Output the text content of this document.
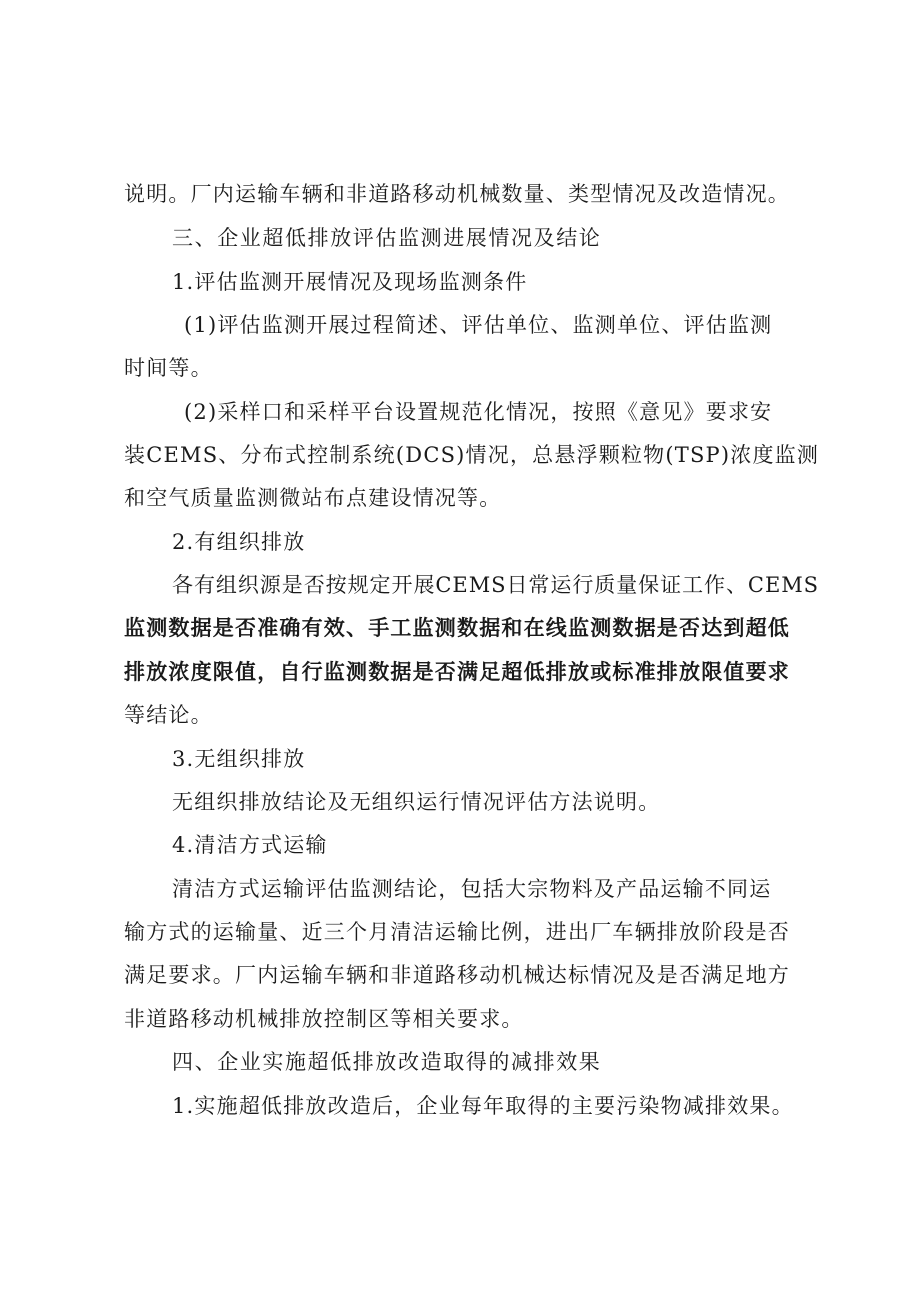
说明。厂内运输车辆和非道路移动机械数量、类型情况及改造情况。
三、企业超低排放评估监测进展情况及结论
1.评估监测开展情况及现场监测条件
(1)评估监测开展过程简述、评估单位、监测单位、评估监测
时间等。
(2)采样口和采样平台设置规范化情况，按照《意见》要求安
装CEMS、分布式控制系统(DCS)情况，总悬浮颗粒物(TSP)浓度监测
和空气质量监测微站布点建设情况等。
2.有组织排放
各有组织源是否按规定开展CEMS日常运行质量保证工作、CEMS
监测数据是否准确有效、手工监测数据和在线监测数据是否达到超低
排放浓度限值，自行监测数据是否满足超低排放或标准排放限值要求
等结论。
3.无组织排放
无组织排放结论及无组织运行情况评估方法说明。
4.清洁方式运输
清洁方式运输评估监测结论，包括大宗物料及产品运输不同运
输方式的运输量、近三个月清洁运输比例，进出厂车辆排放阶段是否
满足要求。厂内运输车辆和非道路移动机械达标情况及是否满足地方
非道路移动机械排放控制区等相关要求。
四、企业实施超低排放改造取得的减排效果
1.实施超低排放改造后，企业每年取得的主要污染物减排效果。
